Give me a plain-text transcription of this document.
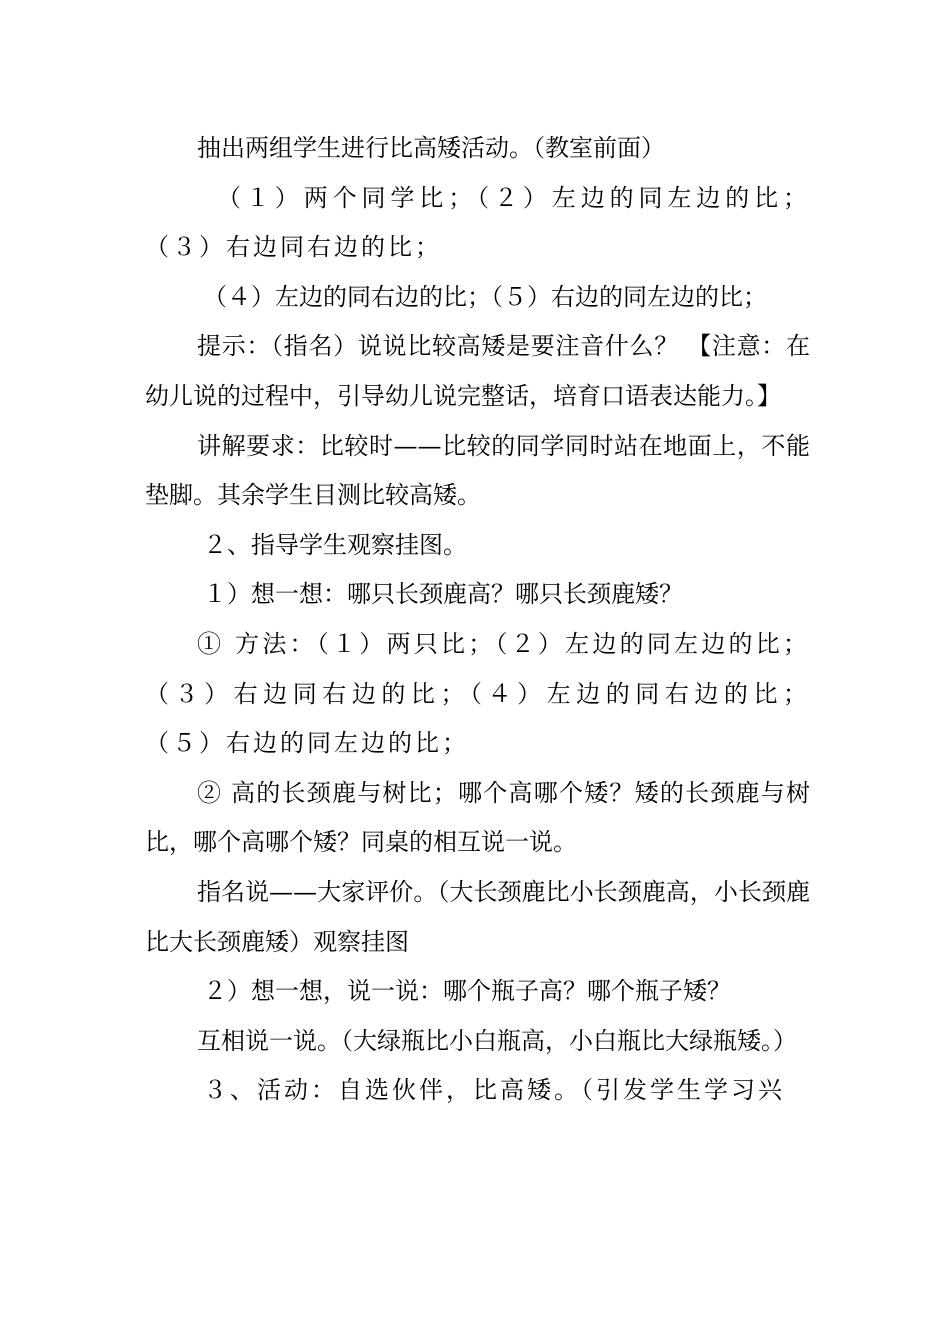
抽出两组学生进行比高矮活动。（教室前面）

（１）两个同学比；（２）左边的同左边的比；（３）右边同右边的比；

（４）左边的同右边的比；（５）右边的同左边的比；

提示：（指名）说说比较高矮是要注音什么？ 【注意：在幼儿说的过程中，引导幼儿说完整话，培育口语表达能力。】

讲解要求：比较时——比较的同学同时站在地面上，不能垫脚。其余学生目测比较高矮。

２、指导学生观察挂图。

１）想一想：哪只长颈鹿高？哪只长颈鹿矮？

① 方法：（１）两只比；（２）左边的同左边的比；（３）右边同右边的比；（４）左边的同右边的比；（５）右边的同左边的比；

② 高的长颈鹿与树比；哪个高哪个矮？矮的长颈鹿与树比，哪个高哪个矮？同桌的相互说一说。

指名说——大家评价。（大长颈鹿比小长颈鹿高，小长颈鹿比大长颈鹿矮）观察挂图

２）想一想，说一说：哪个瓶子高？哪个瓶子矮？

互相说一说。（大绿瓶比小白瓶高，小白瓶比大绿瓶矮。）

３、活动：自选伙伴，比高矮。（引发学生学习兴
